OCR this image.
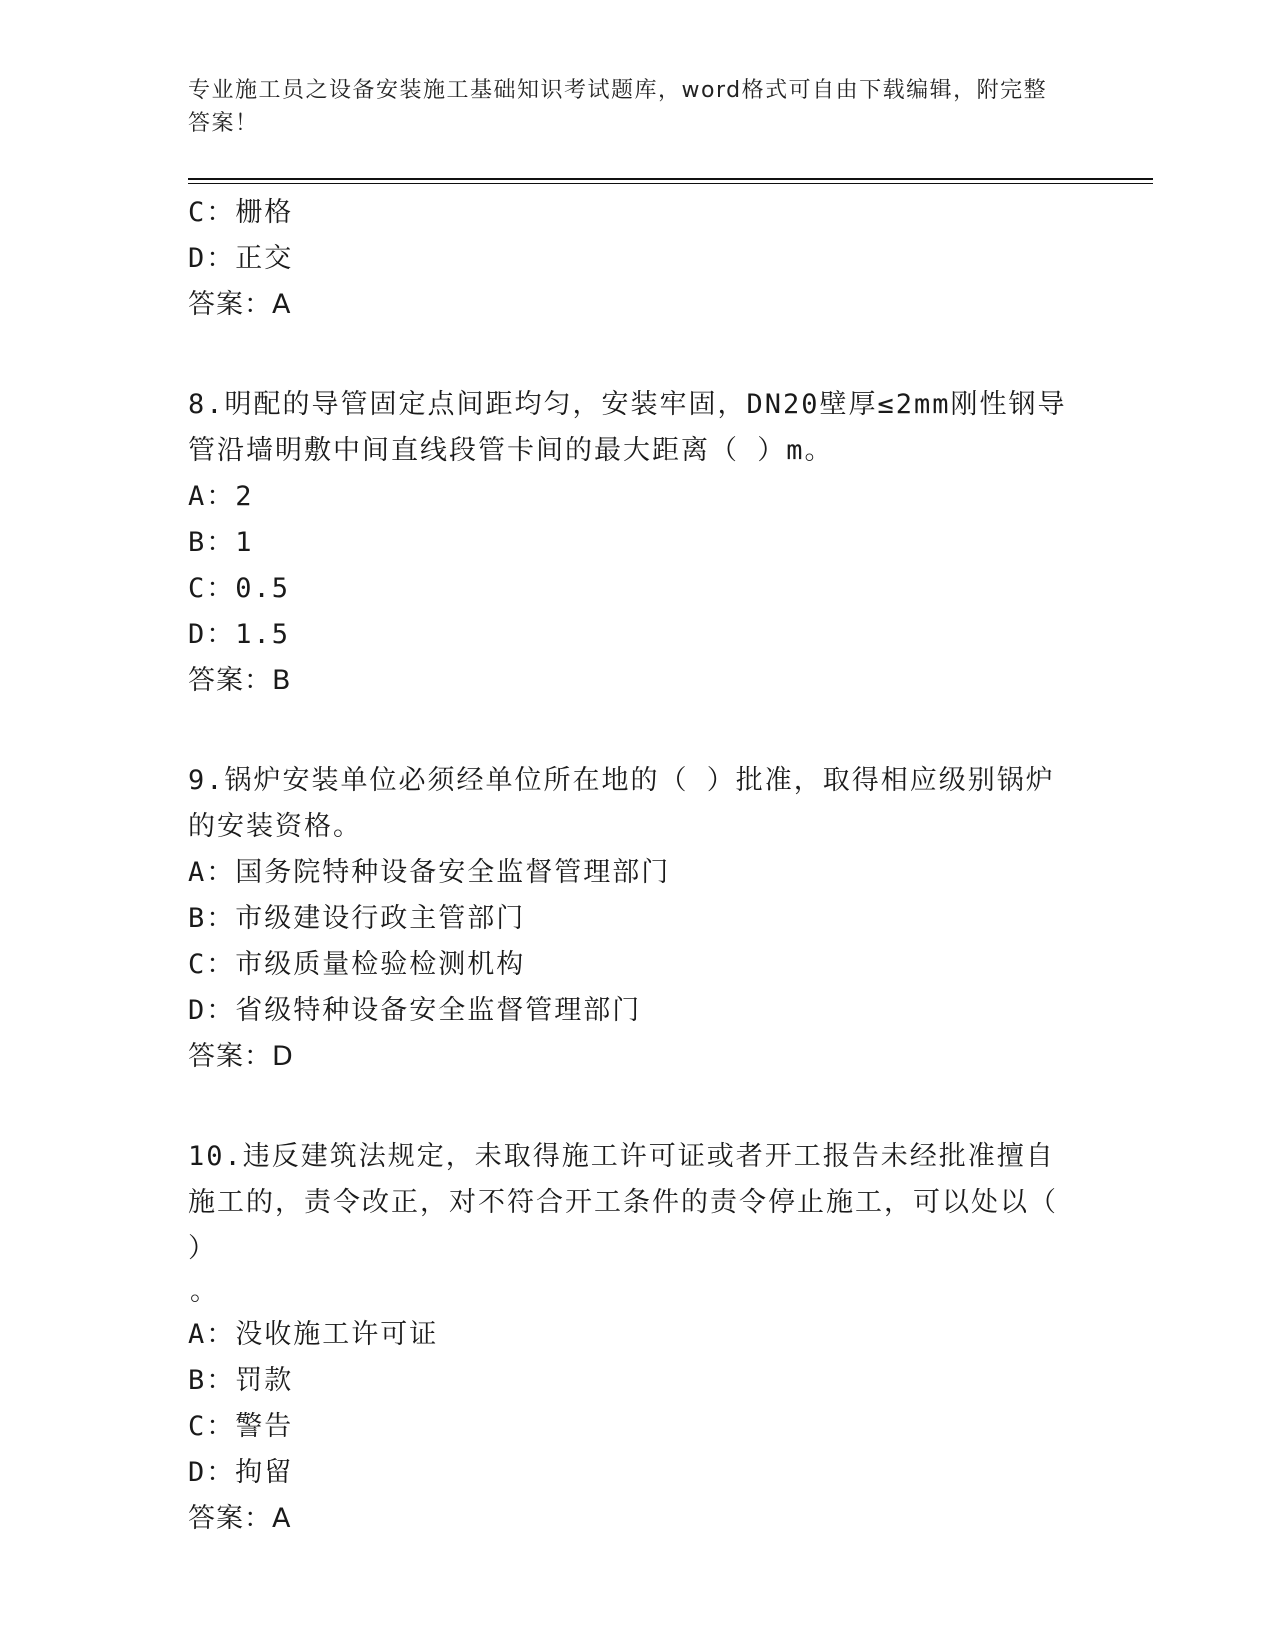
专业施工员之设备安装施工基础知识考试题库，word格式可自由下载编辑，附完整答案！

C：栅格

D：正交

答案：A

8.明配的导管固定点间距均匀，安装牢固，DN20壁厚≤2mm刚性钢导管沿墙明敷中间直线段管卡间的最大距离（ ）m。

A：2

B：1

C：0.5

D：1.5

答案：B

9.锅炉安装单位必须经单位所在地的（ ）批准，取得相应级别锅炉的安装资格。

A：国务院特种设备安全监督管理部门

B：市级建设行政主管部门

C：市级质量检验检测机构

D：省级特种设备安全监督管理部门

答案：D

10.违反建筑法规定，未取得施工许可证或者开工报告未经批准擅自施工的，责令改正，对不符合开工条件的责令停止施工，可以处以（ ）

。

A：没收施工许可证

B：罚款

C：警告

D：拘留

答案：A
